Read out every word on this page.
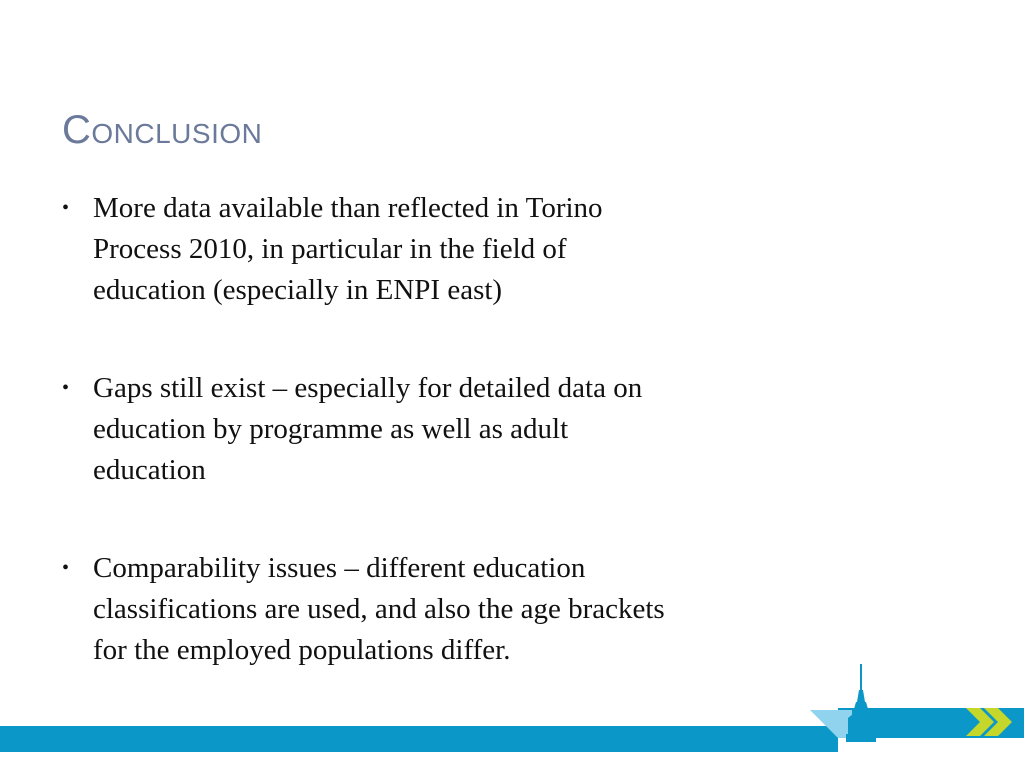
Conclusion
• More data available than reflected in Torino
Process 2010, in particular in the field of
education (especially in ENPI east)
• Gaps still exist – especially for detailed data on
education by programme as well as adult
education
• Comparability issues – different education
classifications are used, and also the age brackets
for the employed populations differ.
